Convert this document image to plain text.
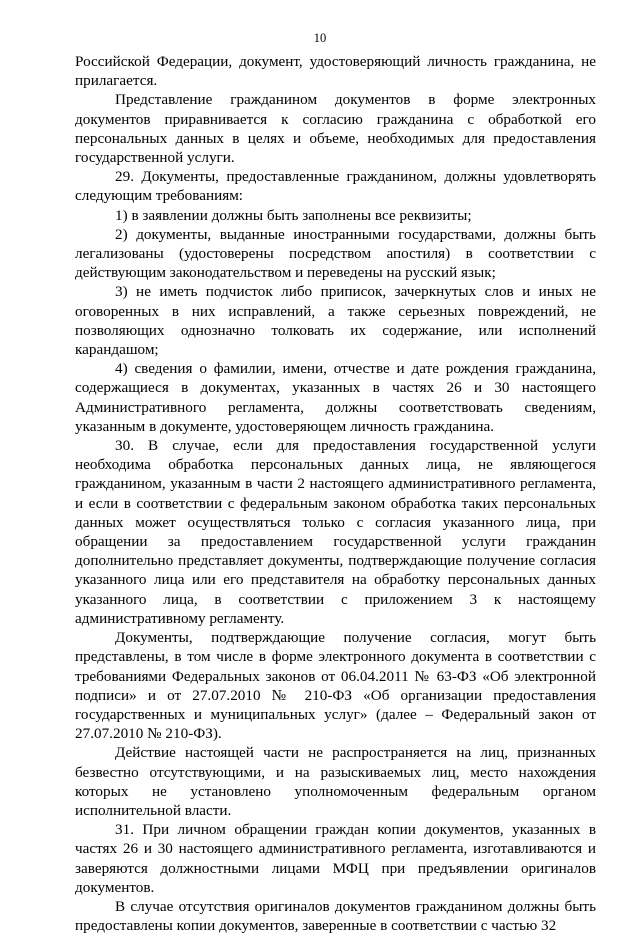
10

Российской Федерации, документ, удостоверяющий личность гражданина, не прилагается.

Представление гражданином документов в форме электронных документов приравнивается к согласию гражданина с обработкой его персональных данных в целях и объеме, необходимых для предоставления государственной услуги.

29. Документы, предоставленные гражданином, должны удовлетворять следующим требованиям:

1) в заявлении должны быть заполнены все реквизиты;

2) документы, выданные иностранными государствами, должны быть легализованы (удостоверены посредством апостиля) в соответствии с действующим законодательством и переведены на русский язык;

3) не иметь подчисток либо приписок, зачеркнутых слов и иных не оговоренных в них исправлений, а также серьезных повреждений, не позволяющих однозначно толковать их содержание, или исполнений карандашом;

4) сведения о фамилии, имени, отчестве и дате рождения гражданина, содержащиеся в документах, указанных в частях 26 и 30 настоящего Административного регламента, должны соответствовать сведениям, указанным в документе, удостоверяющем личность гражданина.

30. В случае, если для предоставления государственной услуги необходима обработка персональных данных лица, не являющегося гражданином, указанным в части 2 настоящего административного регламента, и если в соответствии с федеральным законом обработка таких персональных данных может осуществляться только с согласия указанного лица, при обращении за предоставлением государственной услуги гражданин дополнительно представляет документы, подтверждающие получение согласия указанного лица или его представителя на обработку персональных данных указанного лица, в соответствии с приложением 3 к настоящему административному регламенту.

Документы, подтверждающие получение согласия, могут быть представлены, в том числе в форме электронного документа в соответствии с требованиями Федеральных законов от 06.04.2011 № 63-ФЗ «Об электронной подписи» и от 27.07.2010 № 210-ФЗ «Об организации предоставления государственных и муниципальных услуг» (далее – Федеральный закон от 27.07.2010 № 210-ФЗ).

Действие настоящей части не распространяется на лиц, признанных безвестно отсутствующими, и на разыскиваемых лиц, место нахождения которых не установлено уполномоченным федеральным органом исполнительной власти.

31. При личном обращении граждан копии документов, указанных в частях 26 и 30 настоящего административного регламента, изготавливаются и заверяются должностными лицами МФЦ при предъявлении оригиналов документов.

В случае отсутствия оригиналов документов гражданином должны быть предоставлены копии документов, заверенные в соответствии с частью 32
